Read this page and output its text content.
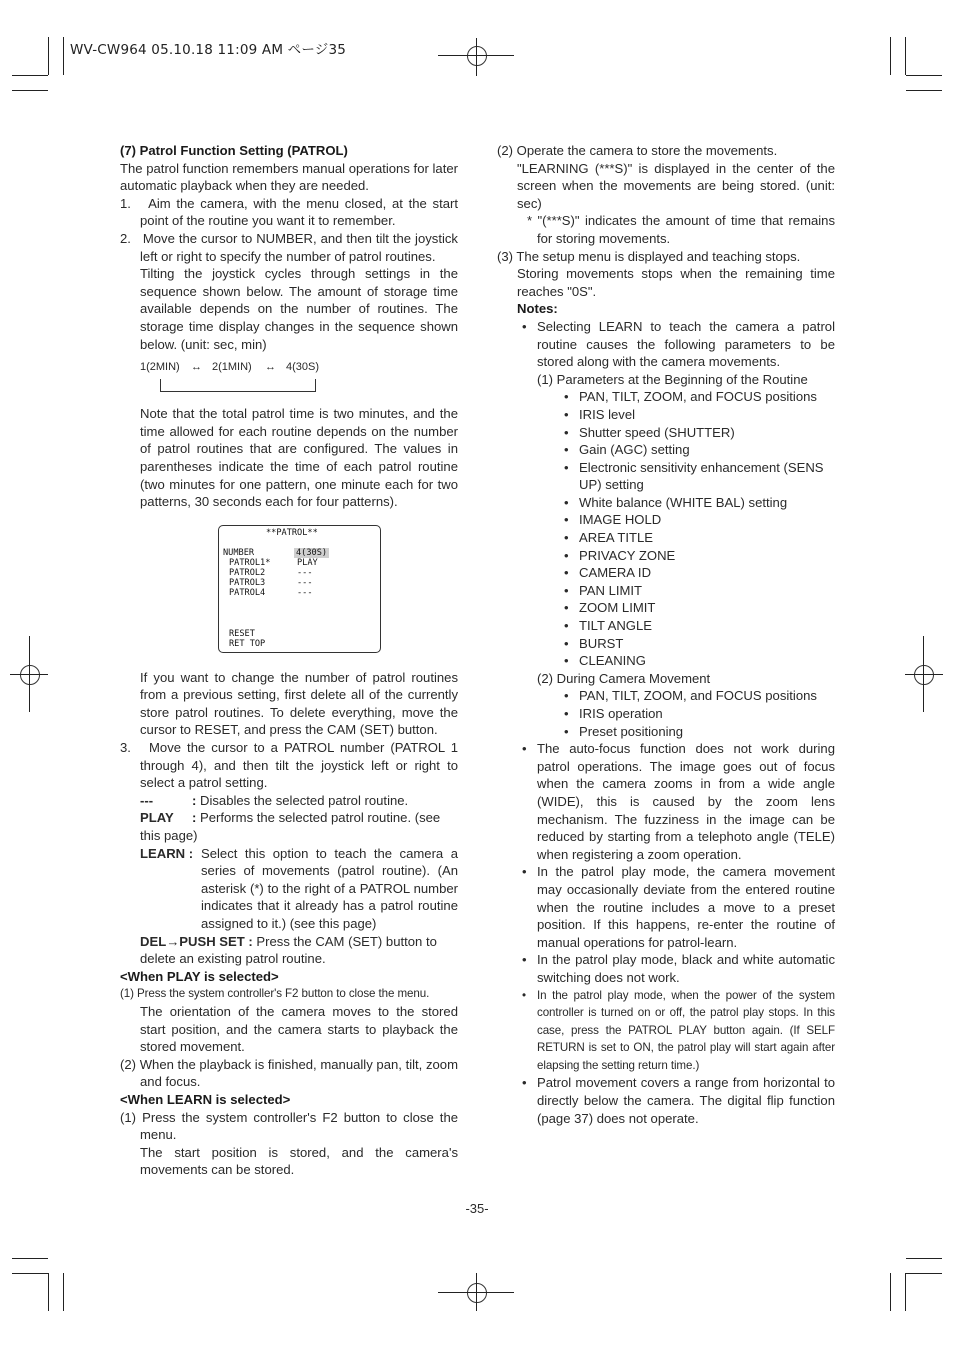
WV-CW964 05.10.18 11:09 AM ページ35

(7) Patrol Function Setting (PATROL)

The patrol function remembers manual operations for later automatic playback when they are needed.

1. Aim the camera, with the menu closed, at the start point of the routine you want it to remember.

2. Move the cursor to NUMBER, and then tilt the joystick left or right to specify the number of patrol routines.

Tilting the joystick cycles through settings in the sequence shown below. The amount of storage time available depends on the number of routines. The storage time display changes in the sequence shown below. (unit: sec, min)

1(2MIN) ↔ 2(1MIN) ↔ 4(30S)

Note that the total patrol time is two minutes, and the time allowed for each routine depends on the number of patrol routines that are configured. The values in parentheses indicate the time of each patrol routine (two minutes for one pattern, one minute each for two patterns, 30 seconds each for four patterns).

**PATROL**
NUMBER	4(30S)
PATROL1*	PLAY
PATROL2	---
PATROL3	---
PATROL4	---
RESET
RET TOP

If you want to change the number of patrol routines from a previous setting, first delete all of the currently store patrol routines. To delete everything, move the cursor to RESET, and press the CAM (SET) button.

3. Move the cursor to a PATROL number (PATROL 1 through 4), and then tilt the joystick left or right to select a patrol setting.

---	: Disables the selected patrol routine.
PLAY : Performs the selected patrol routine. (see this page)
LEARN : Select this option to teach the camera a series of movements (patrol routine). (An asterisk (*) to the right of a PATROL number indicates that it already has a patrol routine assigned to it.) (see this page)
DEL→PUSH SET : Press the CAM (SET) button to delete an existing patrol routine.

<When PLAY is selected>

(1) Press the system controller's F2 button to close the menu.

The orientation of the camera moves to the stored start position, and the camera starts to playback the stored movement.

(2) When the playback is finished, manually pan, tilt, zoom and focus.

<When LEARN is selected>

(1) Press the system controller's F2 button to close the menu.

The start position is stored, and the camera's movements can be stored.

(2) Operate the camera to store the movements.

"LEARNING (***S)" is displayed in the center of the screen when the movements are being stored. (unit: sec)

* "(***S)" indicates the amount of time that remains for storing movements.

(3) The setup menu is displayed and teaching stops.

Storing movements stops when the remaining time reaches "0S".

Notes:

• Selecting LEARN to teach the camera a patrol routine causes the following parameters to be stored along with the camera movements.

(1) Parameters at the Beginning of the Routine

• PAN, TILT, ZOOM, and FOCUS positions

• IRIS level

• Shutter speed (SHUTTER)

• Gain (AGC) setting

• Electronic sensitivity enhancement (SENS UP) setting

• White balance (WHITE BAL) setting

• IMAGE HOLD

• AREA TITLE

• PRIVACY ZONE

• CAMERA ID

• PAN LIMIT

• ZOOM LIMIT

• TILT ANGLE

• BURST

• CLEANING

(2) During Camera Movement

• PAN, TILT, ZOOM, and FOCUS positions

• IRIS operation

• Preset positioning

• The auto-focus function does not work during patrol operations. The image goes out of focus when the camera zooms in from a wide angle (WIDE), this is caused by the zoom lens mechanism. The fuzziness in the image can be reduced by starting from a telephoto angle (TELE) when registering a zoom operation.

• In the patrol play mode, the camera movement may occasionally deviate from the entered routine when the routine includes a move to a preset position. If this happens, re-enter the routine of manual operations for patrol-learn.

• In the patrol play mode, black and white automatic switching does not work.

• In the patrol play mode, when the power of the system controller is turned on or off, the patrol play stops. In this case, press the PATROL PLAY button again. (If SELF RETURN is set to ON, the patrol play will start again after elapsing the setting return time.)

• Patrol movement covers a range from horizontal to directly below the camera. The digital flip function (page 37) does not operate.

-35-
